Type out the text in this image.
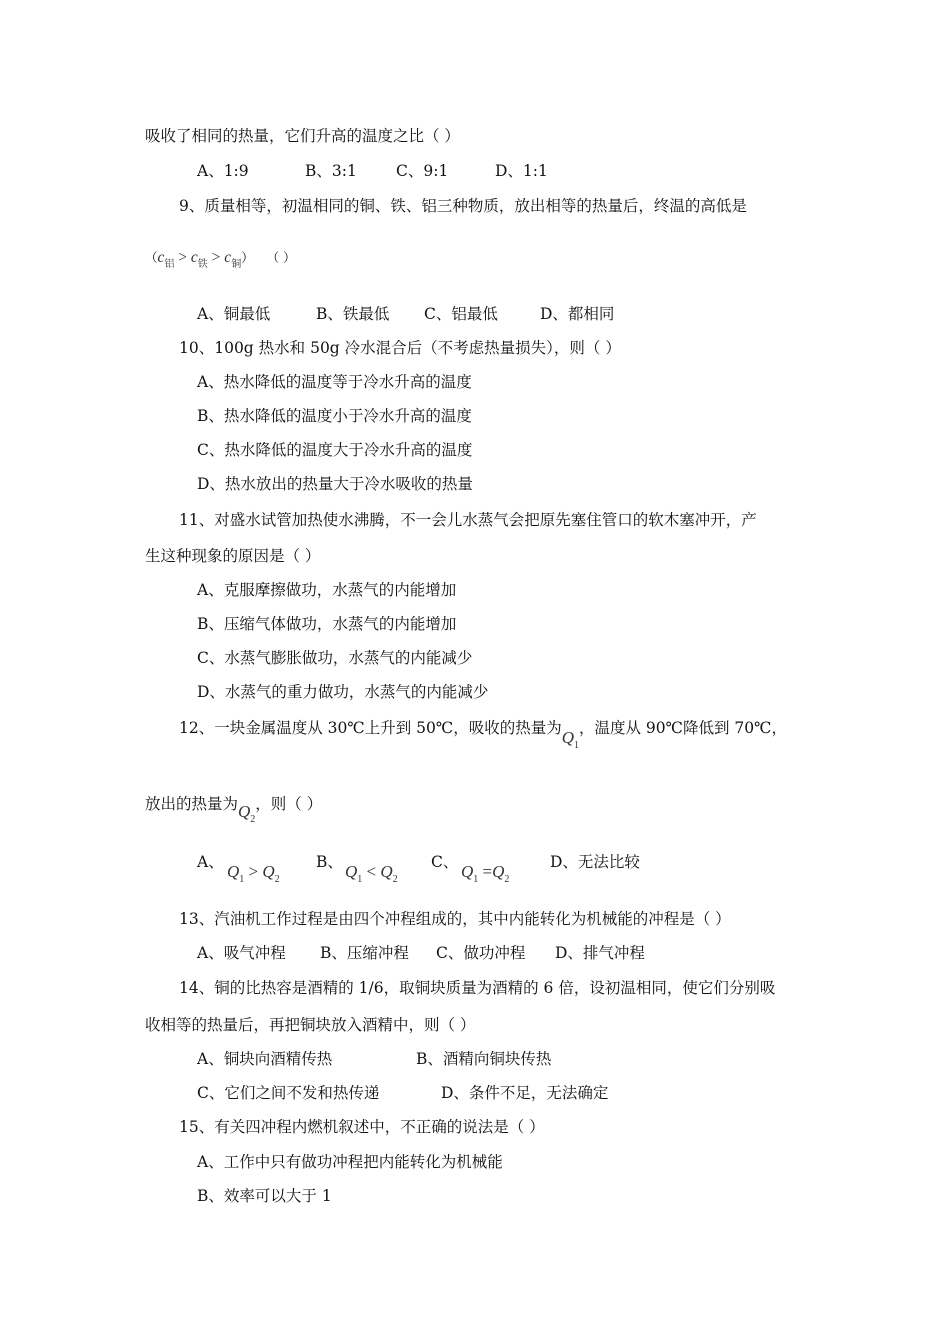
吸收了相同的热量，它们升高的温度之比（ ）
A、1:9	B、3:1	C、9:1	D、1:1
9、质量相等，初温相同的铜、铁、铝三种物质，放出相等的热量后，终温的高低是
$(c_铝 > c_铁 > c_铜)$ （ ）
A、铜最低	B、铁最低 C、铝最低	D、都相同
10、100g 热水和 50g 冷水混合后（不考虑热量损失），则（ ）
A、热水降低的温度等于冷水升高的温度
B、热水降低的温度小于冷水升高的温度
C、热水降低的温度大于冷水升高的温度
D、热水放出的热量大于冷水吸收的热量
11、对盛水试管加热使水沸腾，不一会儿水蒸气会把原先塞住管口的软木塞冲开，产
生这种现象的原因是（ ）
A、克服摩擦做功，水蒸气的内能增加
B、压缩气体做功，水蒸气的内能增加
C、水蒸气膨胀做功，水蒸气的内能减少
D、水蒸气的重力做功，水蒸气的内能减少
12、一块金属温度从 30℃上升到 50℃，吸收的热量为$Q_1$，温度从 90℃降低到 70℃，
放出的热量为$Q_2$，则（ ）
A、 $Q_1 > Q_2$
B、 $Q_1 < Q_2$
C、 $Q_1 =Q_2$
D、无法比较
13、汽油机工作过程是由四个冲程组成的，其中内能转化为机械能的冲程是（ ）
A、吸气冲程 B、压缩冲程 C、做功冲程 D、排气冲程
14、铜的比热容是酒精的 1/6，取铜块质量为酒精的 6 倍，设初温相同，使它们分别吸
收相等的热量后，再把铜块放入酒精中，则（ ）
A、铜块向酒精传热	B、酒精向铜块传热
C、它们之间不发和热传递	D、条件不足，无法确定
15、有关四冲程内燃机叙述中，不正确的说法是（ ）
A、工作中只有做功冲程把内能转化为机械能
B、效率可以大于 1
